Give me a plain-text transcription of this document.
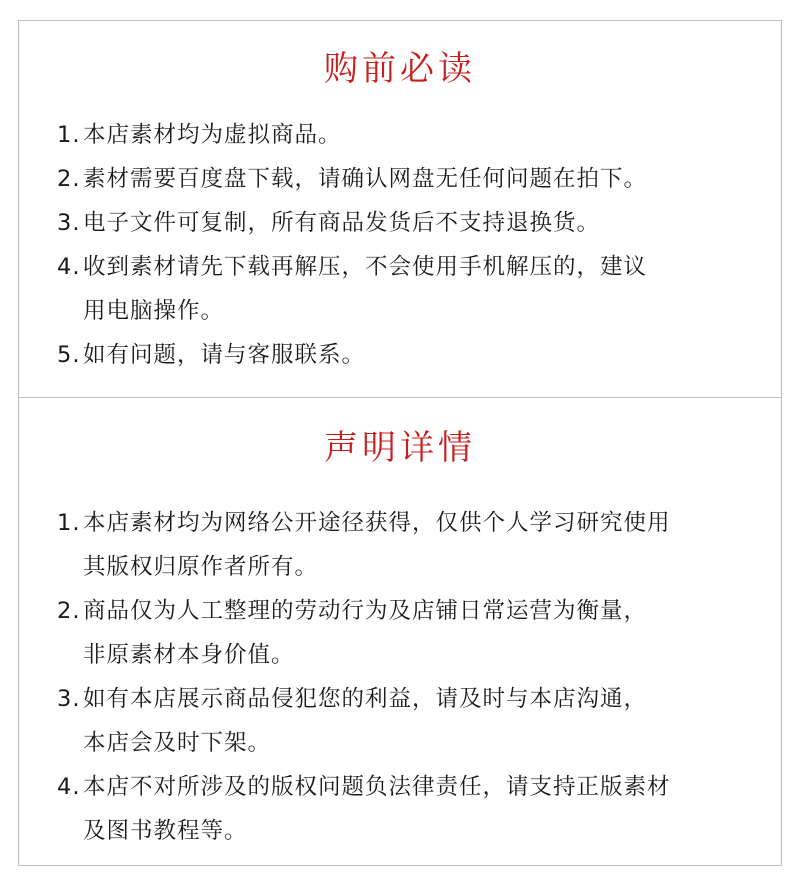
购前必读
1. 本店素材均为虚拟商品。
2. 素材需要百度盘下载，请确认网盘无任何问题在拍下。
3. 电子文件可复制，所有商品发货后不支持退换货。
4. 收到素材请先下载再解压，不会使用手机解压的，建议
用电脑操作。
5. 如有问题，请与客服联系。
声明详情
1. 本店素材均为网络公开途径获得，仅供个人学习研究使用
其版权归原作者所有。
2. 商品仅为人工整理的劳动行为及店铺日常运营为衡量，
非原素材本身价值。
3. 如有本店展示商品侵犯您的利益，请及时与本店沟通，
本店会及时下架。
4. 本店不对所涉及的版权问题负法律责任，请支持正版素材
及图书教程等。
